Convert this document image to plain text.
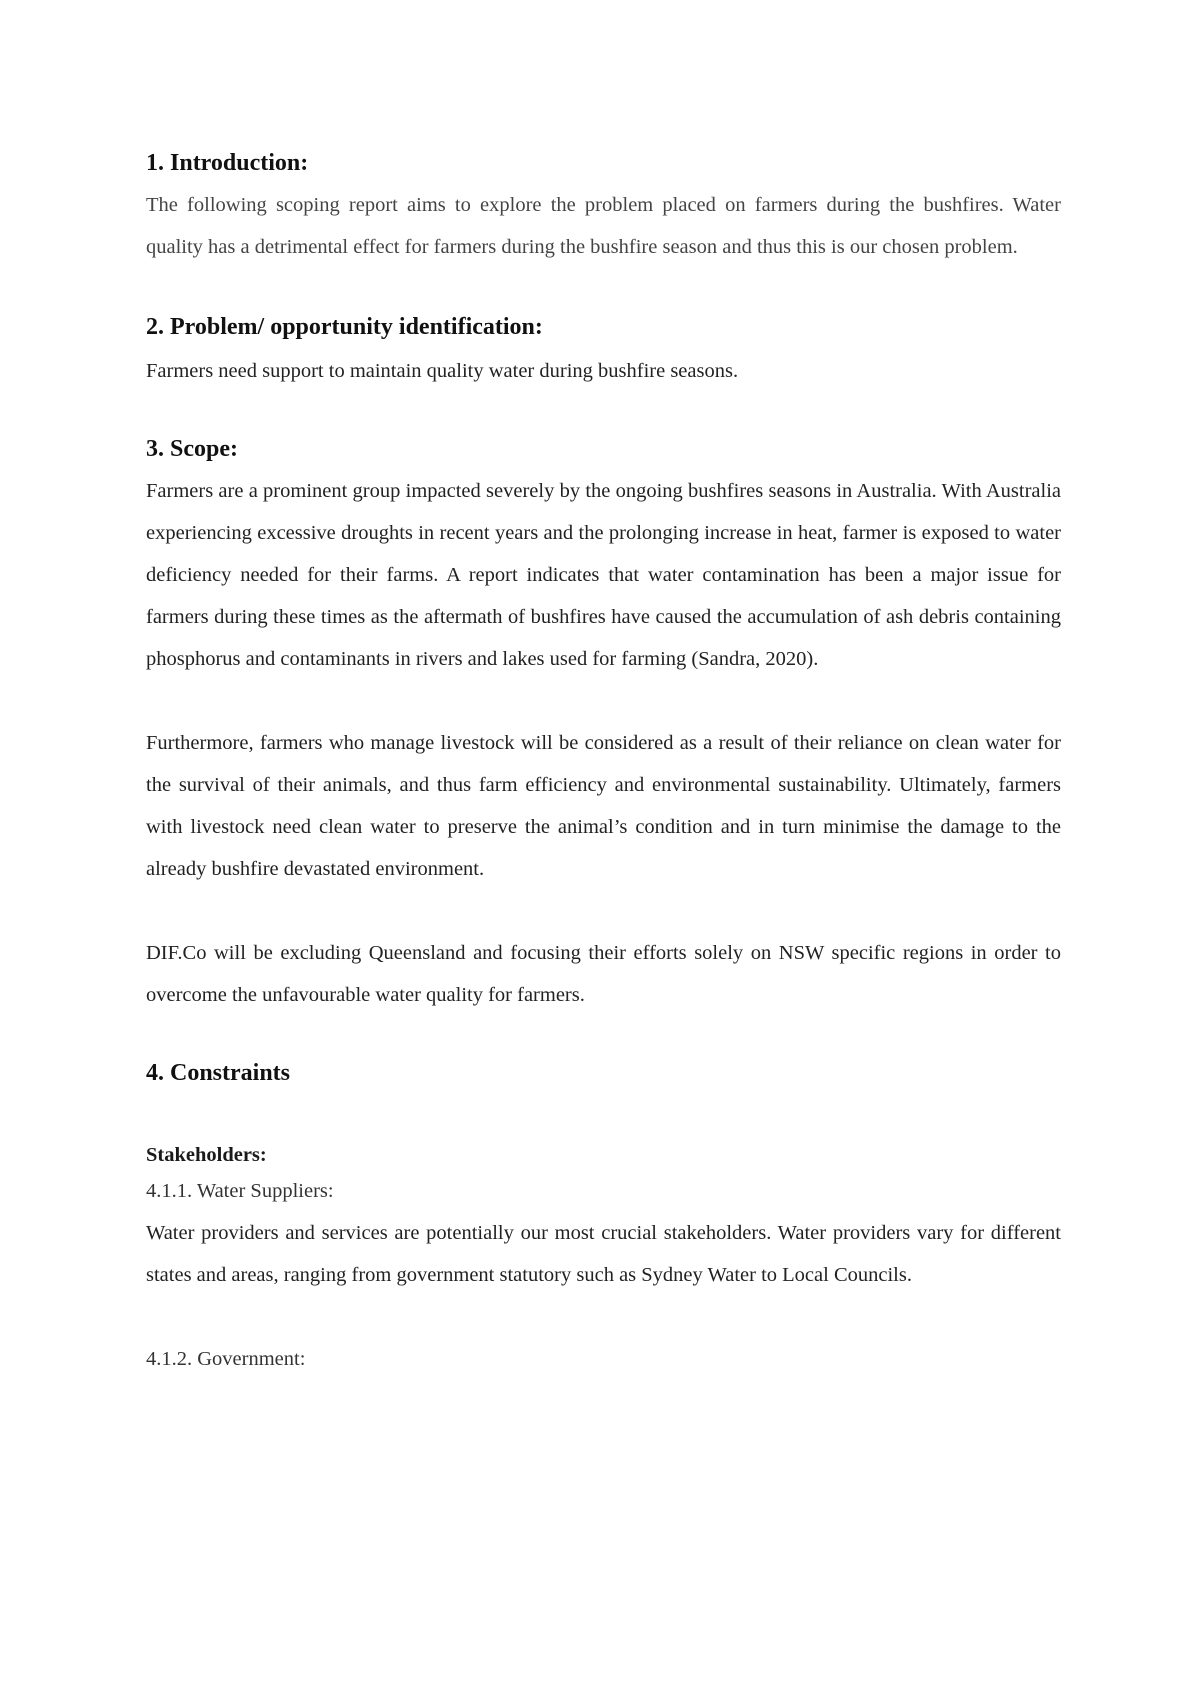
1. Introduction:

The following scoping report aims to explore the problem placed on farmers during the bushfires. Water quality has a detrimental effect for farmers during the bushfire season and thus this is our chosen problem.

2. Problem/ opportunity identification:

Farmers need support to maintain quality water during bushfire seasons.

3. Scope:

Farmers are a prominent group impacted severely by the ongoing bushfires seasons in Australia. With Australia experiencing excessive droughts in recent years and the prolonging increase in heat, farmer is exposed to water deficiency needed for their farms. A report indicates that water contamination has been a major issue for farmers during these times as the aftermath of bushfires have caused the accumulation of ash debris containing phosphorus and contaminants in rivers and lakes used for farming (Sandra, 2020).

Furthermore, farmers who manage livestock will be considered as a result of their reliance on clean water for the survival of their animals, and thus farm efficiency and environmental sustainability. Ultimately, farmers with livestock need clean water to preserve the animal’s condition and in turn minimise the damage to the already bushfire devastated environment.

DIF.Co will be excluding Queensland and focusing their efforts solely on NSW specific regions in order to overcome the unfavourable water quality for farmers.

4. Constraints

Stakeholders:

4.1.1. Water Suppliers:

Water providers and services are potentially our most crucial stakeholders. Water providers vary for different states and areas, ranging from government statutory such as Sydney Water to Local Councils.

4.1.2. Government:
